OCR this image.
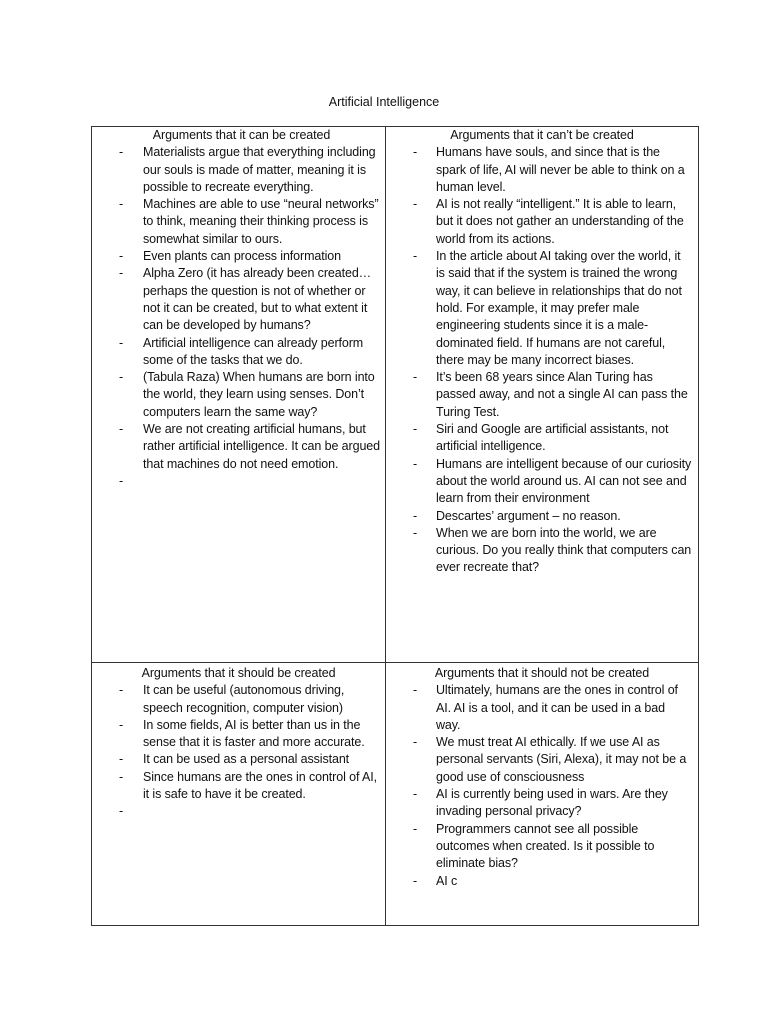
Artificial Intelligence
Arguments that it can be created
- Materialists argue that everything including our souls is made of matter, meaning it is possible to recreate everything.
- Machines are able to use “neural networks” to think, meaning their thinking process is somewhat similar to ours.
- Even plants can process information
- Alpha Zero (it has already been created… perhaps the question is not of whether or not it can be created, but to what extent it can be developed by humans?
- Artificial intelligence can already perform some of the tasks that we do.
- (Tabula Raza) When humans are born into the world, they learn using senses. Don’t computers learn the same way?
- We are not creating artificial humans, but rather artificial intelligence. It can be argued that machines do not need emotion.
-
Arguments that it can’t be created
- Humans have souls, and since that is the spark of life, AI will never be able to think on a human level.
- AI is not really “intelligent.” It is able to learn, but it does not gather an understanding of the world from its actions.
- In the article about AI taking over the world, it is said that if the system is trained the wrong way, it can believe in relationships that do not hold. For example, it may prefer male engineering students since it is a male-dominated field. If humans are not careful, there may be many incorrect biases.
- It’s been 68 years since Alan Turing has passed away, and not a single AI can pass the Turing Test.
- Siri and Google are artificial assistants, not artificial intelligence.
- Humans are intelligent because of our curiosity about the world around us. AI can not see and learn from their environment
- Descartes’ argument – no reason.
- When we are born into the world, we are curious. Do you really think that computers can ever recreate that?
Arguments that it should be created
- It can be useful (autonomous driving, speech recognition, computer vision)
- In some fields, AI is better than us in the sense that it is faster and more accurate.
- It can be used as a personal assistant
- Since humans are the ones in control of AI, it is safe to have it be created.
-
Arguments that it should not be created
- Ultimately, humans are the ones in control of AI. AI is a tool, and it can be used in a bad way.
- We must treat AI ethically. If we use AI as personal servants (Siri, Alexa), it may not be a good use of consciousness
- AI is currently being used in wars. Are they invading personal privacy?
- Programmers cannot see all possible outcomes when created. Is it possible to eliminate bias?
- AI c
